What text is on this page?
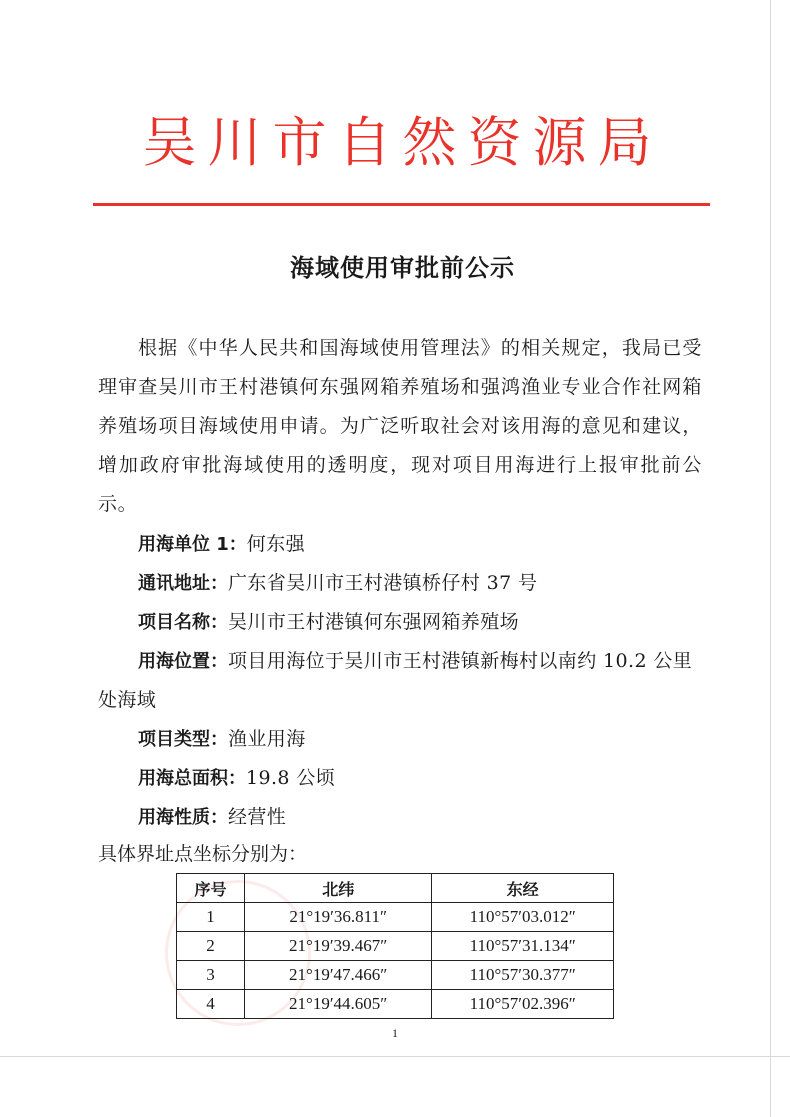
吴川市自然资源局
海域使用审批前公示
根据《中华人民共和国海域使用管理法》的相关规定，我局已受理审查吴川市王村港镇何东强网箱养殖场和强鸿渔业专业合作社网箱养殖场项目海域使用申请。为广泛听取社会对该用海的意见和建议，增加政府审批海域使用的透明度，现对项目用海进行上报审批前公示。
用海单位 1：何东强
通讯地址：广东省吴川市王村港镇桥仔村 37 号
项目名称：吴川市王村港镇何东强网箱养殖场
用海位置：项目用海位于吴川市王村港镇新梅村以南约 10.2 公里处海域
项目类型：渔业用海
用海总面积：19.8 公顷
用海性质：经营性
具体界址点坐标分别为：
序号	北纬	东经
1	21°19′36.811″	110°57′03.012″
2	21°19′39.467″	110°57′31.134″
3	21°19′47.466″	110°57′30.377″
4	21°19′44.605″	110°57′02.396″
1
